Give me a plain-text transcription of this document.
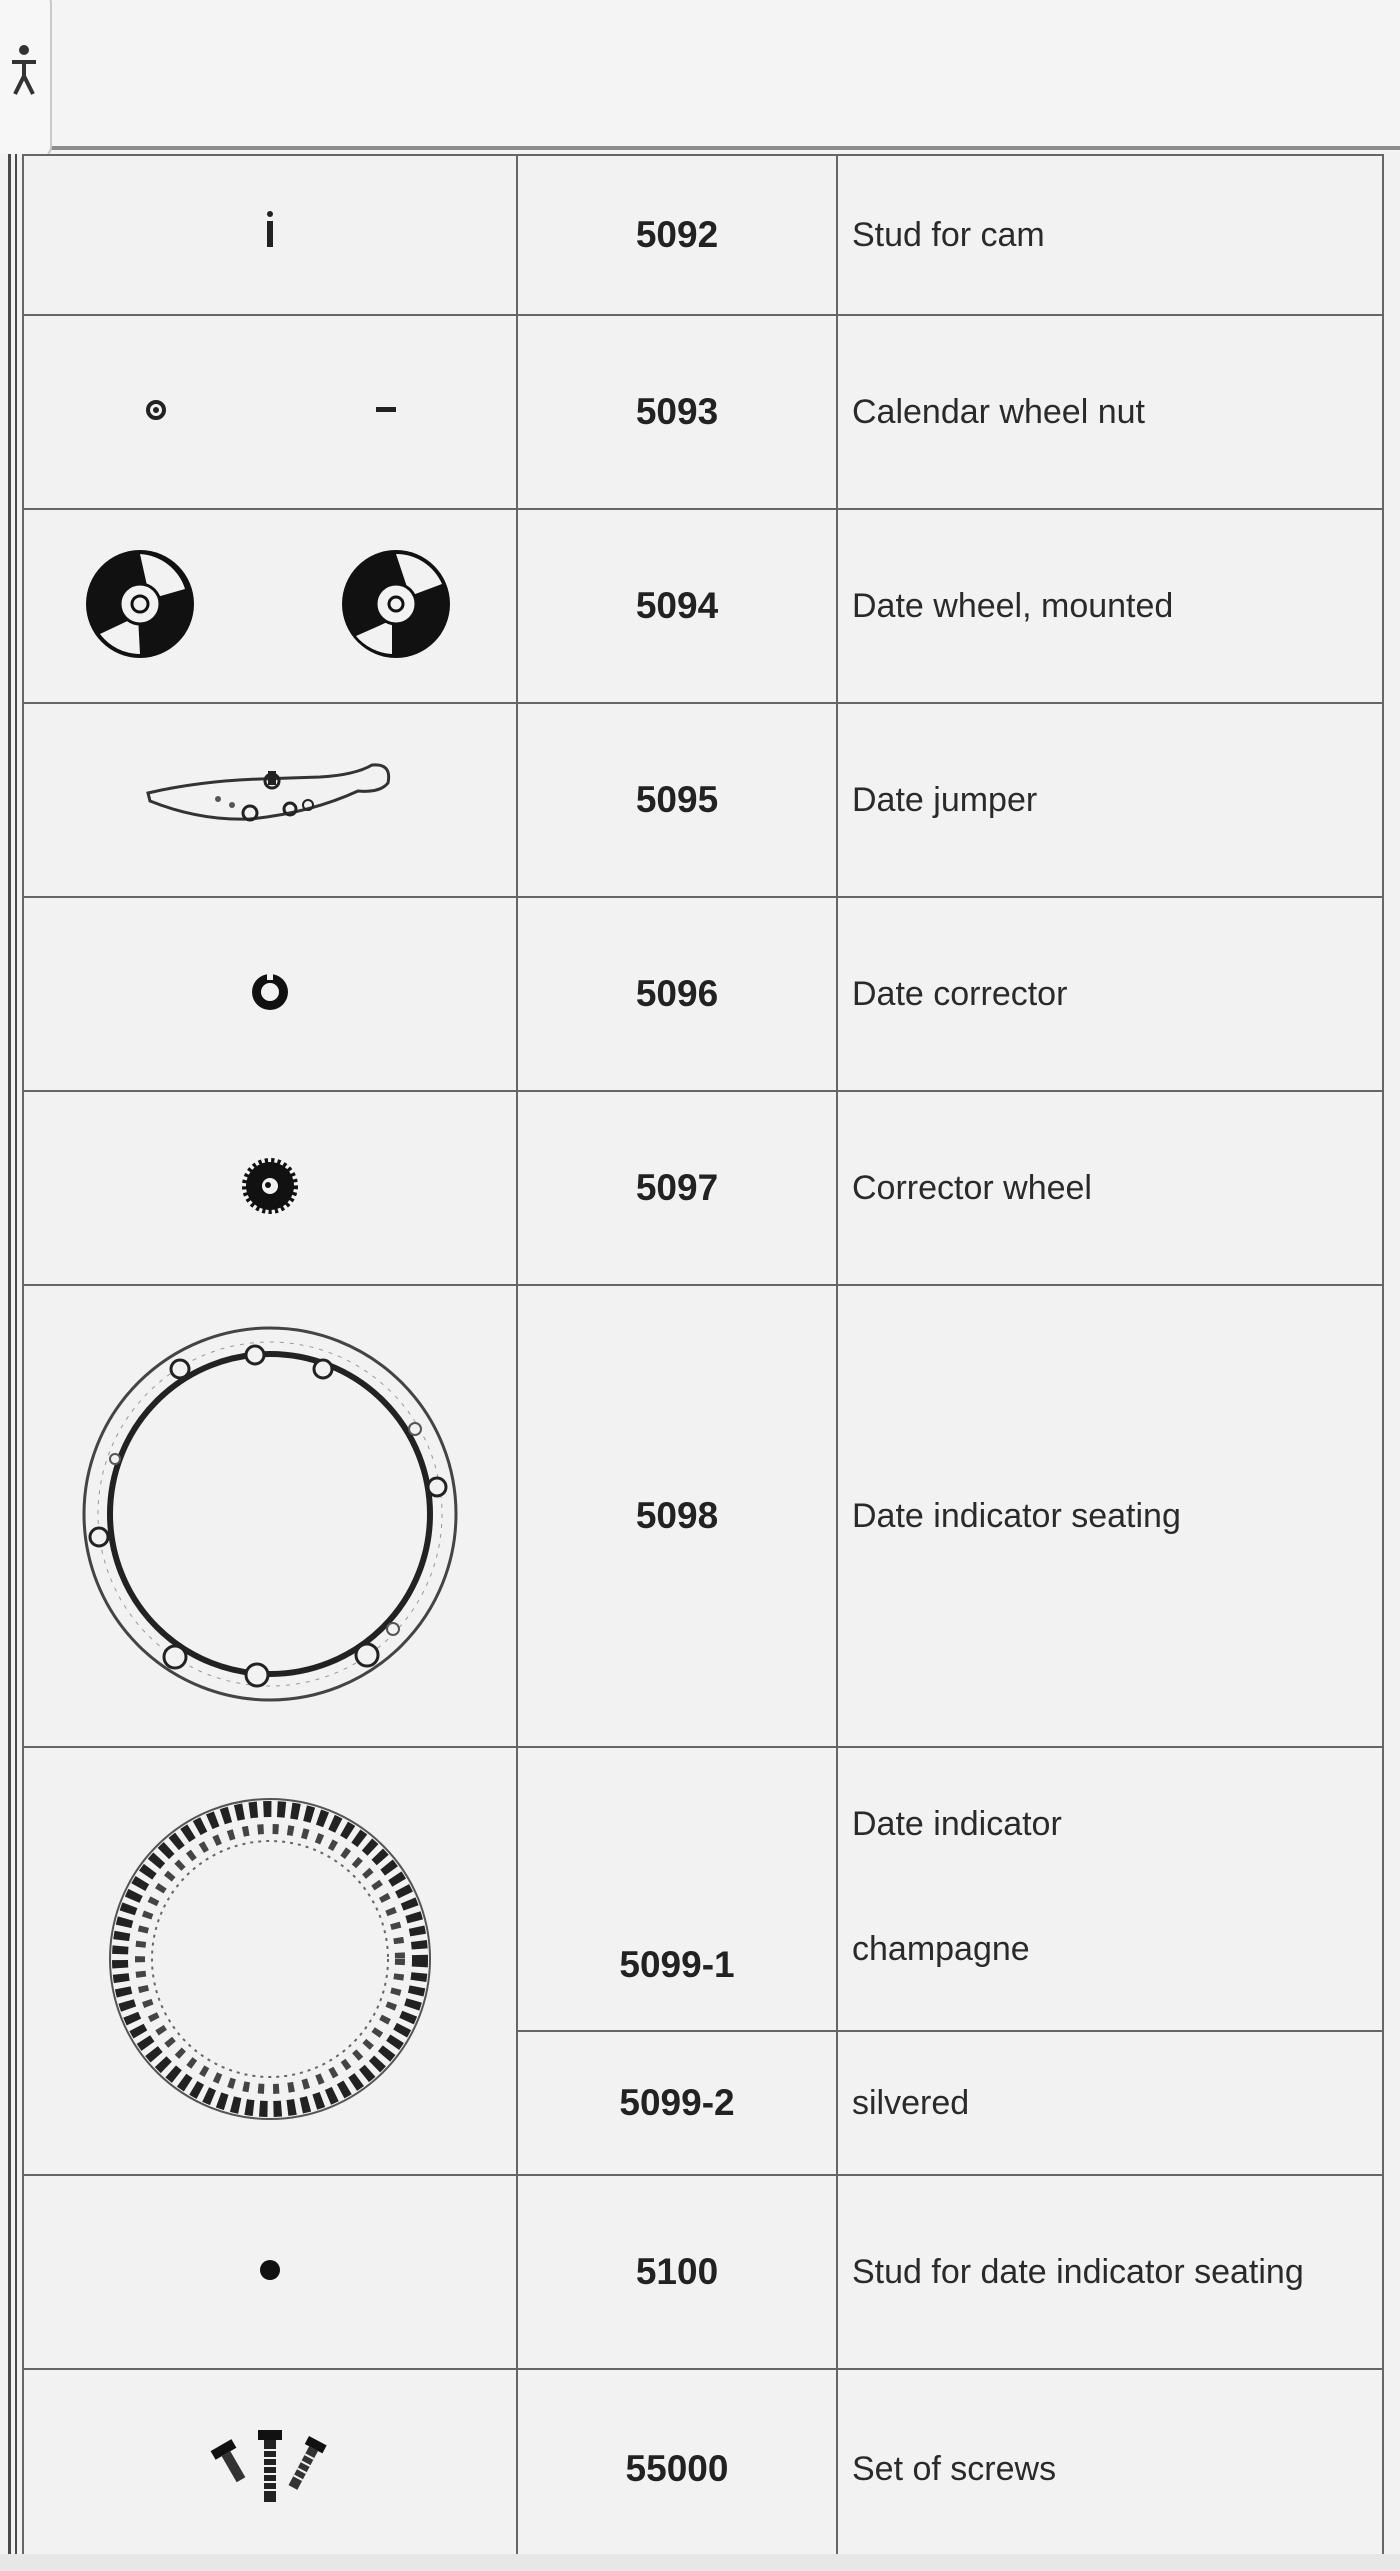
	5092	Stud for cam
	5093	Calendar wheel nut
	5094	Date wheel, mounted
	5095	Date jumper
	5096	Date corrector
	5097	Corrector wheel
	5098	Date indicator seating
	5099-1	Date indicator
champagne

	5099-2	silvered
	5100	Stud for date indicator seating
	55000	Set of screws
